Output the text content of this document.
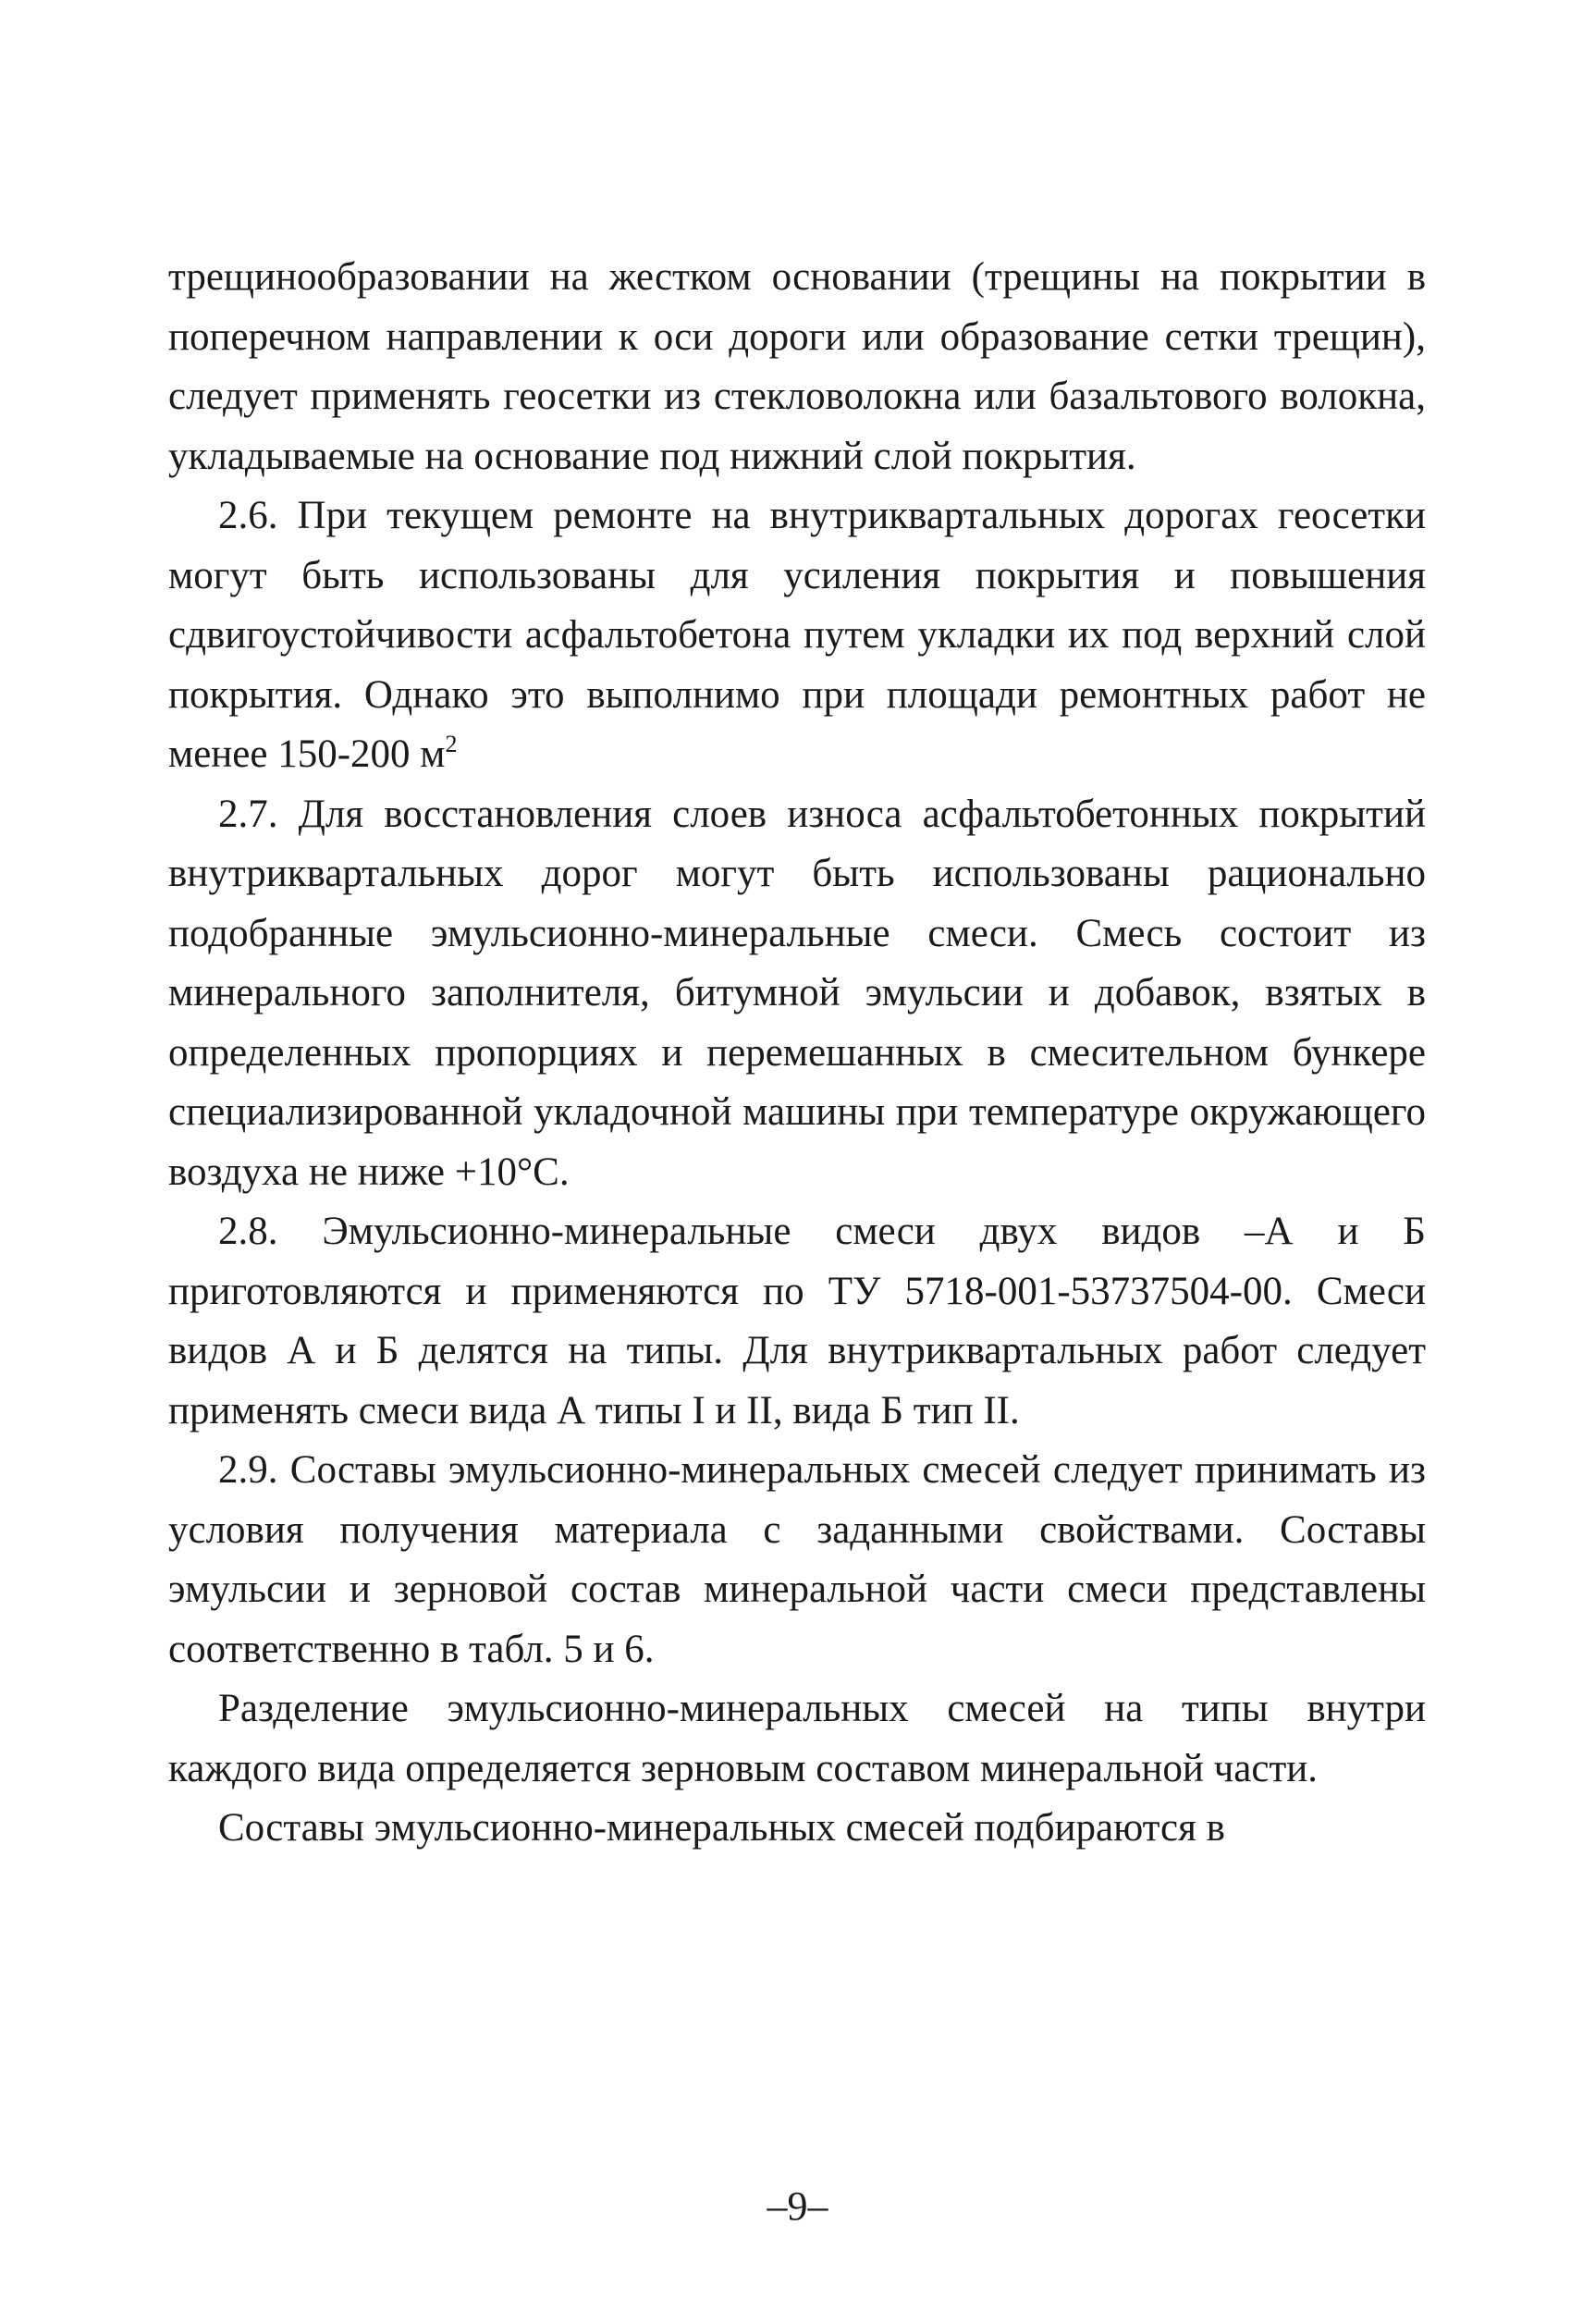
трещинообразовании на жестком основании (трещины на покрытии в поперечном направлении к оси дороги или образование сетки трещин), следует применять геосетки из стекловолокна или базальтового волокна, укладываемые на основание под нижний слой покрытия.

2.6. При текущем ремонте на внутриквартальных дорогах геосетки могут быть использованы для усиления покрытия и повышения сдвигоустойчивости асфальтобетона путем укладки их под верхний слой покрытия. Однако это выполнимо при площади ремонтных работ не менее 150-200 $м^2$

2.7. Для восстановления слоев износа асфальтобетонных покрытий внутриквартальных дорог могут быть использованы рационально подобранные эмульсионно-минеральные смеси. Смесь состоит из минерального заполнителя, битумной эмульсии и добавок, взятых в определенных пропорциях и перемешанных в смесительном бункере специализированной укладочной машины при температуре окружающего воздуха не ниже +10°С.

2.8. Эмульсионно-минеральные смеси двух видов –А и Б приготовляются и применяются по ТУ 5718-001-53737504-00. Смеси видов А и Б делятся на типы. Для внутриквартальных работ следует применять смеси вида А типы I и II, вида Б тип II.

2.9. Составы эмульсионно-минеральных смесей следует принимать из условия получения материала с заданными свойствами. Составы эмульсии и зерновой состав минеральной части смеси представлены соответственно в табл. 5 и 6.

Разделение эмульсионно-минеральных смесей на типы внутри каждого вида определяется зерновым составом минеральной части.

Составы эмульсионно-минеральных смесей подбираются в

–9–
